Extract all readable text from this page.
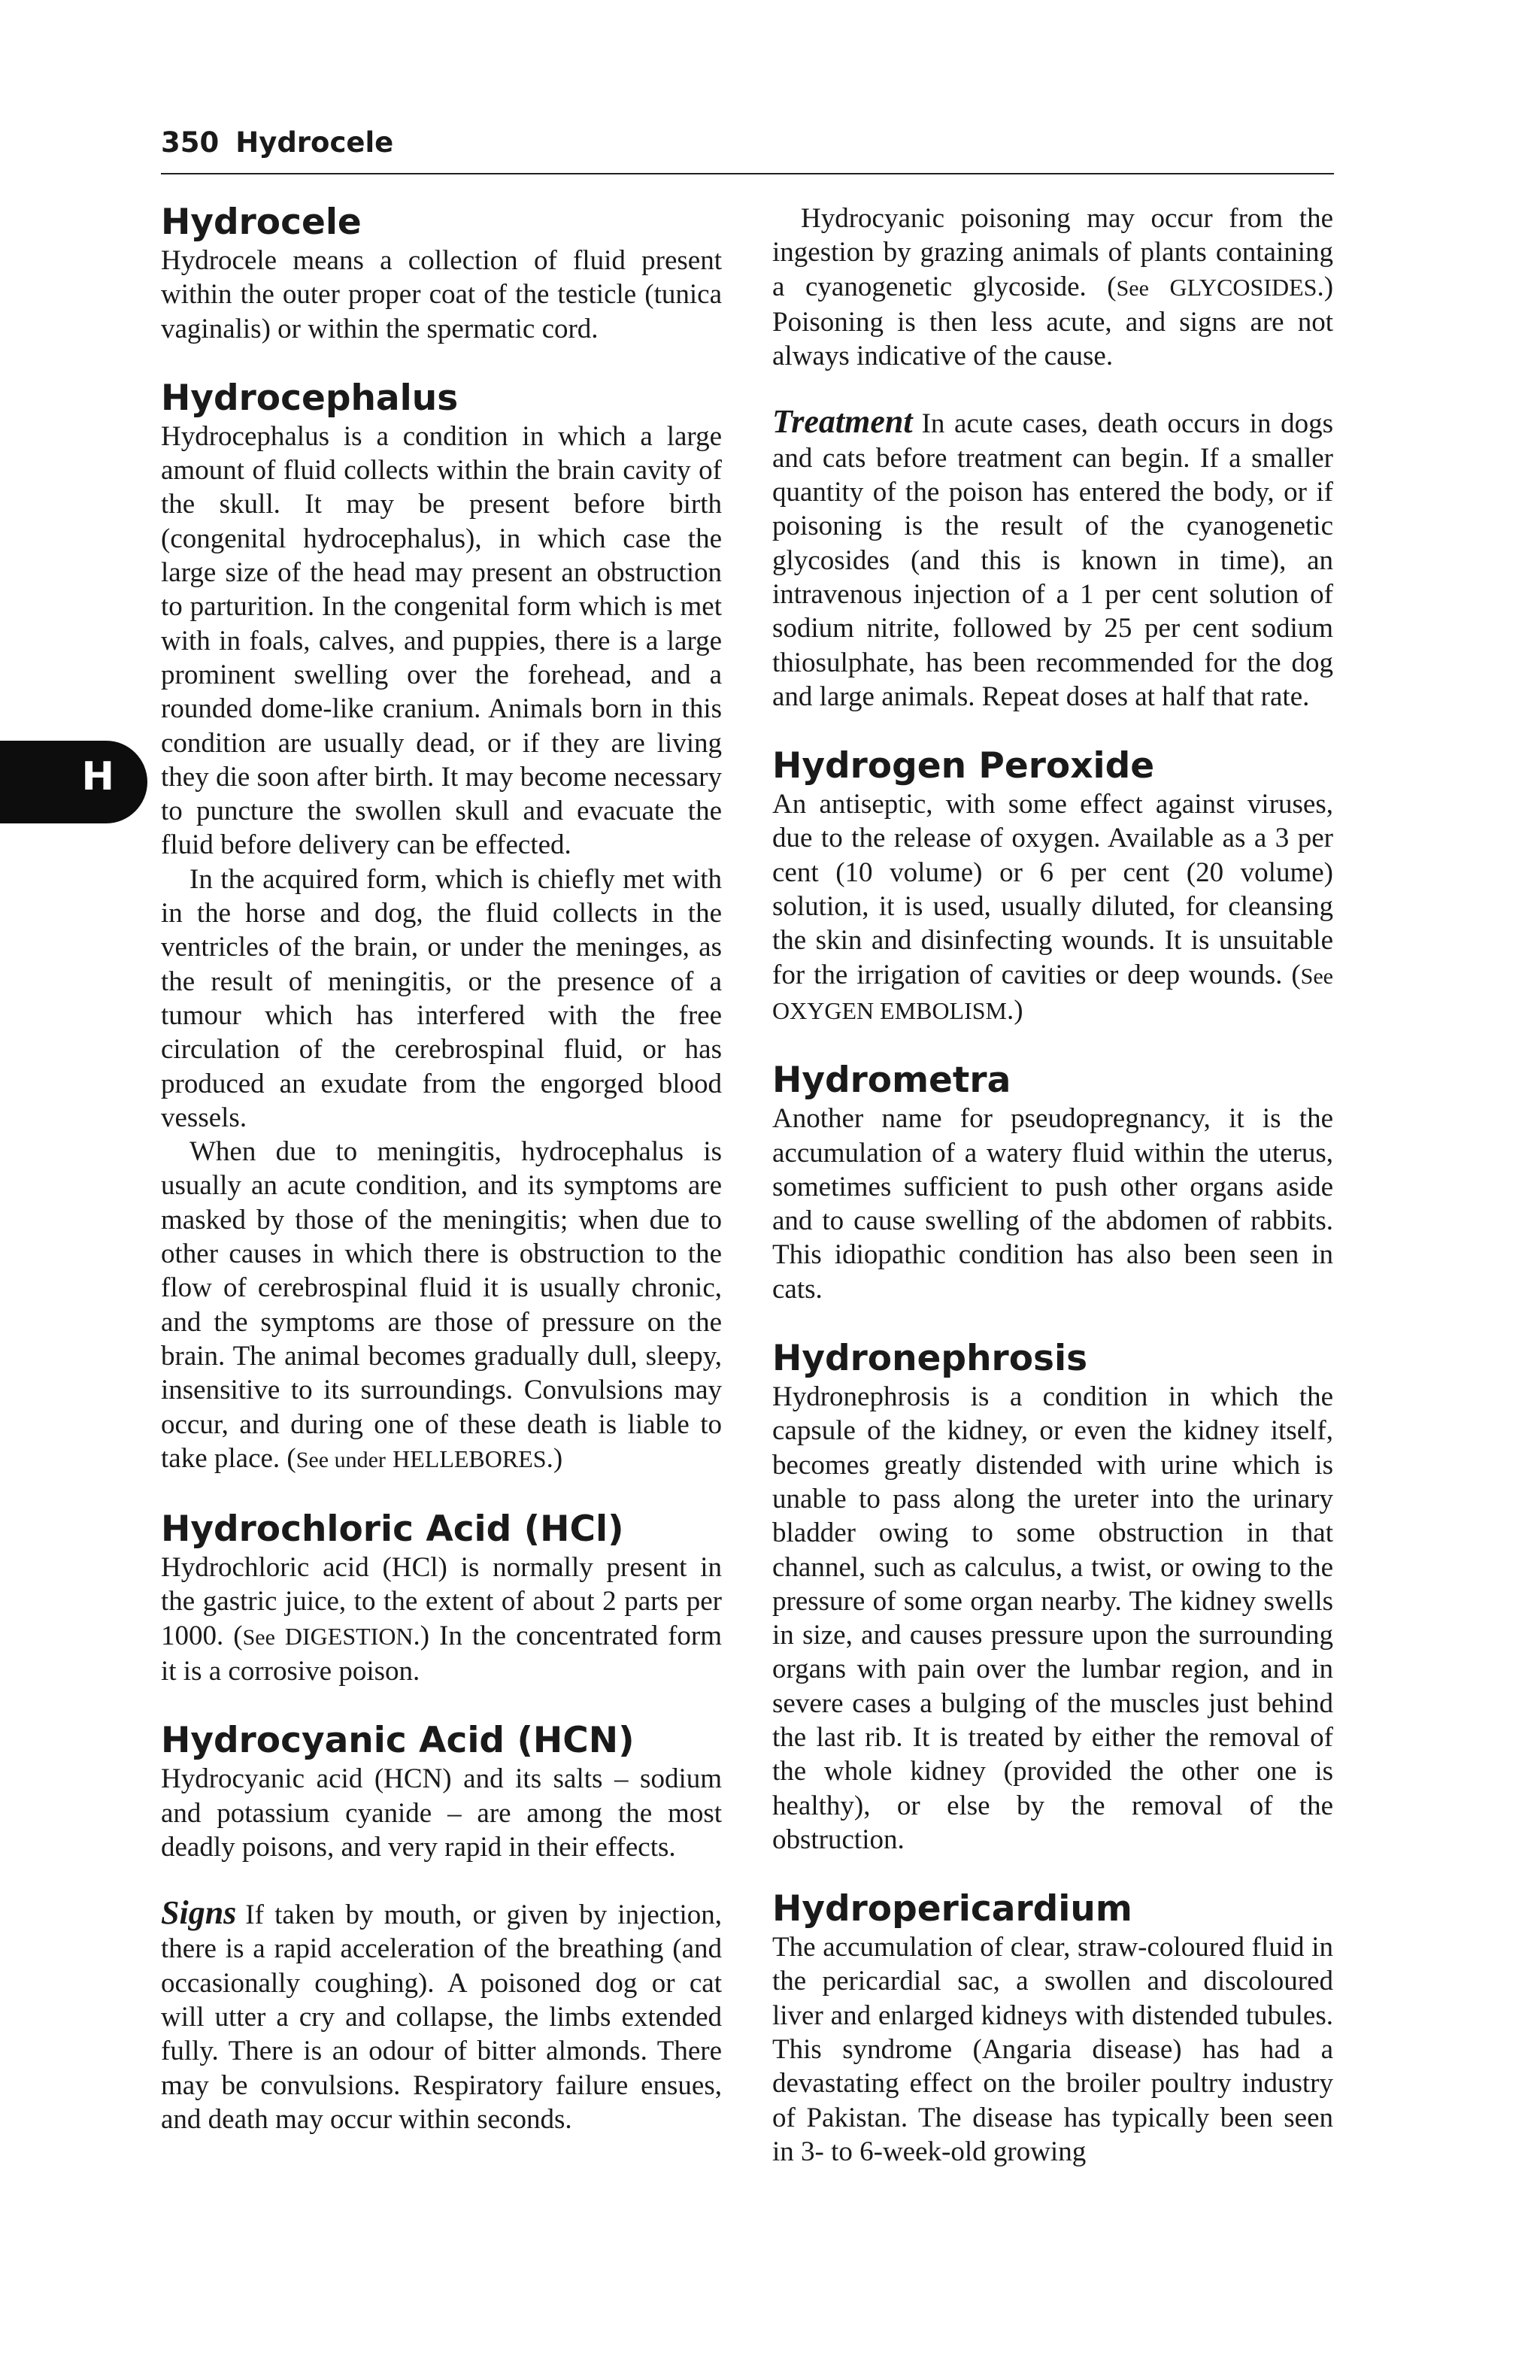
350 Hydrocele
H
Hydrocele

Hydrocele means a collection of fluid present within the outer proper coat of the testicle (tunica vaginalis) or within the spermatic cord.

Hydrocephalus

Hydrocephalus is a condition in which a large amount of fluid collects within the brain cavity of the skull. It may be present before birth (congenital hydrocephalus), in which case the large size of the head may present an obstruction to parturition. In the congenital form which is met with in foals, calves, and puppies, there is a large prominent swelling over the forehead, and a rounded dome-like cranium. Animals born in this condition are usually dead, or if they are living they die soon after birth. It may become necessary to puncture the swollen skull and evacuate the fluid before delivery can be effected.

In the acquired form, which is chiefly met with in the horse and dog, the fluid collects in the ventricles of the brain, or under the meninges, as the result of meningitis, or the presence of a tumour which has interfered with the free circulation of the cerebrospinal fluid, or has produced an exudate from the engorged blood vessels.

When due to meningitis, hydrocephalus is usually an acute condition, and its symptoms are masked by those of the meningitis; when due to other causes in which there is obstruction to the flow of cerebrospinal fluid it is usually chronic, and the symptoms are those of pressure on the brain. The animal becomes gradually dull, sleepy, insensitive to its surroundings. Convulsions may occur, and during one of these death is liable to take place. (See under HELLEBORES.)

Hydrochloric Acid (HCl)

Hydrochloric acid (HCl) is normally present in the gastric juice, to the extent of about 2 parts per 1000. (See DIGESTION.) In the concentrated form it is a corrosive poison.

Hydrocyanic Acid (HCN)

Hydrocyanic acid (HCN) and its salts – sodium and potassium cyanide – are among the most deadly poisons, and very rapid in their effects.

Signs If taken by mouth, or given by injection, there is a rapid acceleration of the breathing (and occasionally coughing). A poisoned dog or cat will utter a cry and collapse, the limbs extended fully. There is an odour of bitter almonds. There may be convulsions. Respiratory failure ensues, and death may occur within seconds.

Hydrocyanic poisoning may occur from the ingestion by grazing animals of plants containing a cyanogenetic glycoside. (See GLYCOSIDES.) Poisoning is then less acute, and signs are not always indicative of the cause.

Treatment In acute cases, death occurs in dogs and cats before treatment can begin. If a smaller quantity of the poison has entered the body, or if poisoning is the result of the cyanogenetic glycosides (and this is known in time), an intravenous injection of a 1 per cent solution of sodium nitrite, followed by 25 per cent sodium thiosulphate, has been recommended for the dog and large animals. Repeat doses at half that rate.

Hydrogen Peroxide

An antiseptic, with some effect against viruses, due to the release of oxygen. Available as a 3 per cent (10 volume) or 6 per cent (20 volume) solution, it is used, usually diluted, for cleansing the skin and disinfecting wounds. It is unsuitable for the irrigation of cavities or deep wounds. (See OXYGEN EMBOLISM.)

Hydrometra

Another name for pseudopregnancy, it is the accumulation of a watery fluid within the uterus, sometimes sufficient to push other organs aside and to cause swelling of the abdomen of rabbits. This idiopathic condition has also been seen in cats.

Hydronephrosis

Hydronephrosis is a condition in which the capsule of the kidney, or even the kidney itself, becomes greatly distended with urine which is unable to pass along the ureter into the urinary bladder owing to some obstruction in that channel, such as calculus, a twist, or owing to the pressure of some organ nearby. The kidney swells in size, and causes pressure upon the surrounding organs with pain over the lumbar region, and in severe cases a bulging of the muscles just behind the last rib. It is treated by either the removal of the whole kidney (provided the other one is healthy), or else by the removal of the obstruction.

Hydropericardium

The accumulation of clear, straw-coloured fluid in the pericardial sac, a swollen and discoloured liver and enlarged kidneys with distended tubules. This syndrome (Angaria disease) has had a devastating effect on the broiler poultry industry of Pakistan. The disease has typically been seen in 3- to 6-week-old growing
